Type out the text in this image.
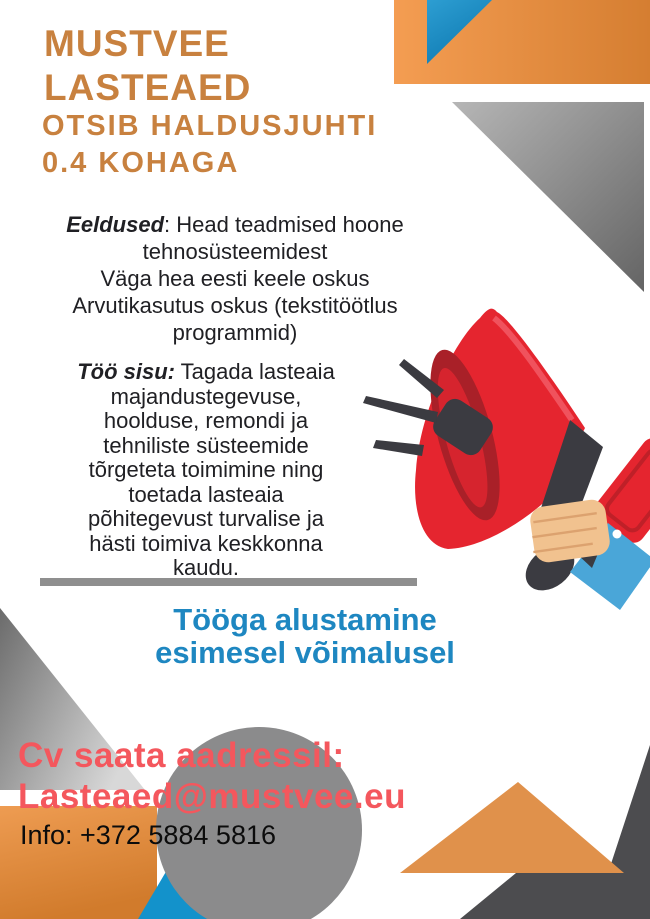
MUSTVEE
LASTEAED
OTSIB HALDUSJUHTI
0.4 KOHAGA
Eeldused: Head teadmised hoone
tehnosüsteemidest
Väga hea eesti keele oskus
Arvutikasutus oskus (tekstitöötlus
programmid)
Töö sisu: Tagada lasteaia
majandustegevuse,
hoolduse, remondi ja
tehniliste süsteemide
tõrgeteta toimimine ning
toetada lasteaia
põhitegevust turvalise ja
hästi toimiva keskkonna
kaudu.
Tööga alustamine
esimesel võimalusel
Cv saata aadressil:
Lasteaed@mustvee.eu
Info: +372 5884 5816
